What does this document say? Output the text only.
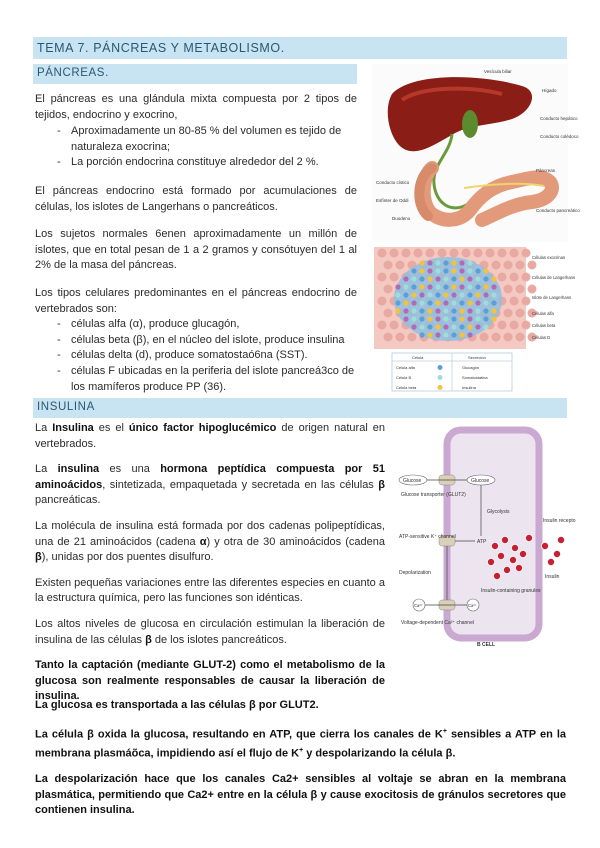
TEMA 7. PÁNCREAS Y METABOLISMO.
PÁNCREAS.

El páncreas es una glándula mixta compuesta por 2 tipos de tejidos, endocrino y exocrino,

- Aproximadamente un 80-85 % del volumen es tejido de naturaleza exocrina;
- La porción endocrina constituye alrededor del 2 %.

El páncreas endocrino está formado por acumulaciones de células, los islotes de Langerhans o pancreáticos.

Los sujetos normales 6enen aproximadamente un millón de islotes, que en total pesan de 1 a 2 gramos y consótuyen del 1 al 2% de la masa del páncreas.

Los tipos celulares predominantes en el páncreas endocrino de vertebrados son:

- células alfa (α), produce glucagón,
- células beta (β), en el núcleo del islote, produce insulina
- células delta (d), produce somatostaó6na (SST).
- células F ubicadas en la periferia del islote pancreá3co de los mamíferos produce PP (36).
Vesícula biliar
Hígado
Conducto hepático
Conducto colédoco
Conducto cístico
Esfínter de Oddi
Duodeno
Páncreas
Conducto pancreático
Células exocrinas
Células de Langerhans
Islote de Langerhans
Células alfa
Células beta
Células D
Célula	Secreción
Célula alfa	Glucagón
Célula B	Somatostatina
Célula beta	Insulina
INSULINA

La Insulina es el único factor hipoglucémico de origen natural en vertebrados.

La insulina es una hormona peptídica compuesta por 51 aminoácidos, sintetizada, empaquetada y secretada en las células β pancreáticas.

La molécula de insulina está formada por dos cadenas polipeptídicas, una de 21 aminoácidos (cadena α) y otra de 30 aminoácidos (cadena β), unidas por dos puentes disulfuro.

Existen pequeñas variaciones entre las diferentes especies en cuanto a la estructura química, pero las funciones son idénticas.

Los altos niveles de glucosa en circulación estimulan la liberación de insulina de las células β de los islotes pancreáticos.

Tanto la captación (mediante GLUT-2) como el metabolismo de la glucosa son realmente responsables de causar la liberación de insulina.

La glucosa es transportada a las células β por GLUT2.

La célula β oxida la glucosa, resultando en ATP, que cierra los canales de K+ sensibles a ATP en la membrana plasmáõca, impidiendo así el flujo de K+ y despolarizando la célula β.

La despolarización hace que los canales Ca2+ sensibles al voltaje se abran en la membrana plasmática, permitiendo que Ca2+ entre en la célula β y cause exocitosis de gránulos secretores que contienen insulina.

Glucose	Glucose
Glucose transporter (GLUT2)
Glycolysis
ATP
ATP-sensitive K⁺ channel
Depolarization
Ca²⁺	Ca²⁺
Voltage-dependent Ca²⁺ channel
Insulin-containing granules
Insulin recepto
Insulin
B CELL
